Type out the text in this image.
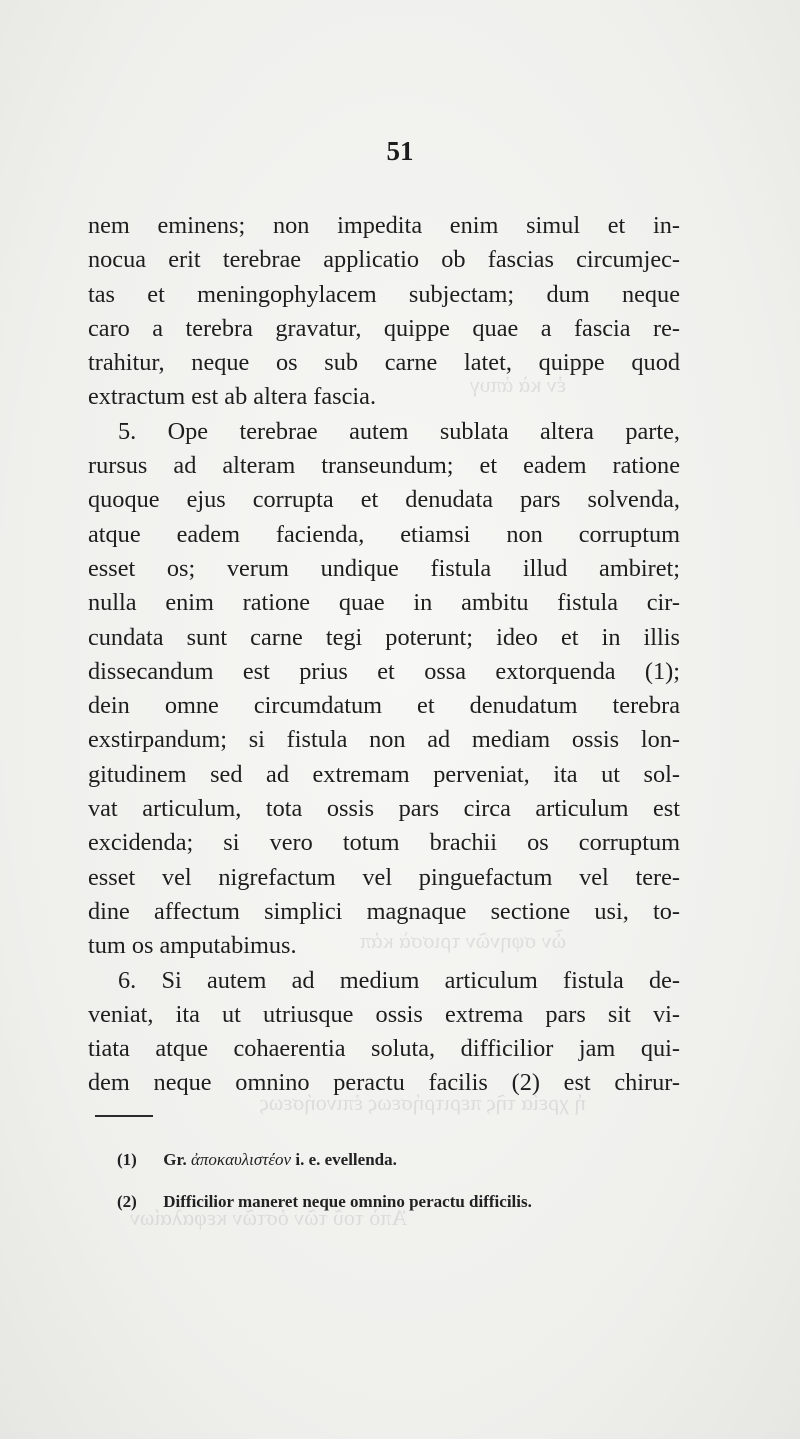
ἐν κὰ ἀπυγ
ὧν σφηνῶν τρισσὰ κἀπ
ἡ χρεία τῆς περιτρήσεως ἐπινοήσεως
Ἀπὸ τοῦ τῶν ὀστῶν κεφαλαίων
51
nem eminens; non impedita enim simul et in-
nocua erit terebrae applicatio ob fascias circumjec-
tas et meningophylacem subjectam; dum neque
caro a terebra gravatur, quippe quae a fascia re-
trahitur, neque os sub carne latet, quippe quod
extractum est ab altera fascia.
5. Ope terebrae autem sublata altera parte,
rursus ad alteram transeundum; et eadem ratione
quoque ejus corrupta et denudata pars solvenda,
atque eadem facienda, etiamsi non corruptum
esset os; verum undique fistula illud ambiret;
nulla enim ratione quae in ambitu fistula cir-
cundata sunt carne tegi poterunt; ideo et in illis
dissecandum est prius et ossa extorquenda (1);
dein omne circumdatum et denudatum terebra
exstirpandum; si fistula non ad mediam ossis lon-
gitudinem sed ad extremam perveniat, ita ut sol-
vat articulum, tota ossis pars circa articulum est
excidenda; si vero totum brachii os corruptum
esset vel nigrefactum vel pinguefactum vel tere-
dine affectum simplici magnaque sectione usi, to-
tum os amputabimus.
6. Si autem ad medium articulum fistula de-
veniat, ita ut utriusque ossis extrema pars sit vi-
tiata atque cohaerentia soluta, difficilior jam qui-
dem neque omnino peractu facilis (2) est chirur-
(1) Gr. ἀποκαυλιστέον i. e. evellenda.
(2) Difficilior maneret neque omnino peractu difficilis.
